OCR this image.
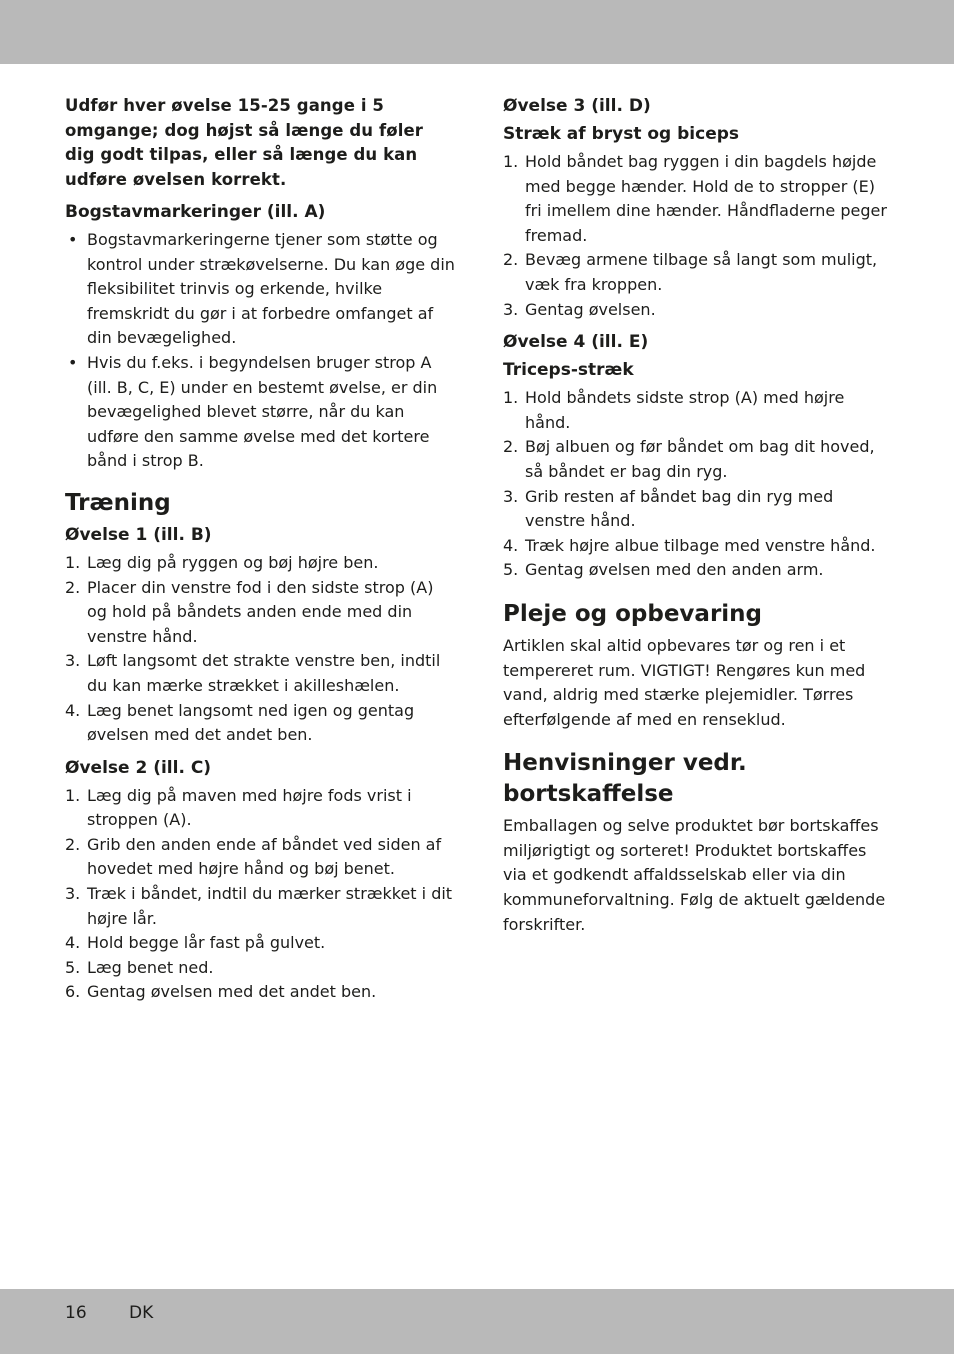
Udfør hver øvelse 15-25 gange i 5 omgange; dog højst så længe du føler dig godt tilpas, eller så længe du kan udføre øvelsen korrekt.

Bogstavmarkeringer (ill. A)
• Bogstavmarkeringerne tjener som støtte og kontrol under strækøvelserne. Du kan øge din fleksibilitet trinvis og erkende, hvilke fremskridt du gør i at forbedre omfanget af din bevægelighed.
• Hvis du f.eks. i begyndelsen bruger strop A (ill. B, C, E) under en bestemt øvelse, er din bevægelighed blevet større, når du kan udføre den samme øvelse med det kortere bånd i strop B.
Træning
Øvelse 1 (ill. B)
1. Læg dig på ryggen og bøj højre ben.
2. Placer din venstre fod i den sidste strop (A) og hold på båndets anden ende med din venstre hånd.
3. Løft langsomt det strakte venstre ben, indtil du kan mærke strækket i akilleshælen.
4. Læg benet langsomt ned igen og gentag øvelsen med det andet ben.
Øvelse 2 (ill. C)
1. Læg dig på maven med højre fods vrist i stroppen (A).
2. Grib den anden ende af båndet ved siden af hovedet med højre hånd og bøj benet.
3. Træk i båndet, indtil du mærker strækket i dit højre lår.
4. Hold begge lår fast på gulvet.
5. Læg benet ned.
6. Gentag øvelsen med det andet ben.
Øvelse 3 (ill. D)
Stræk af bryst og biceps
1. Hold båndet bag ryggen i din bagdels højde med begge hænder. Hold de to stropper (E) fri imellem dine hænder. Håndfladerne peger fremad.
2. Bevæg armene tilbage så langt som muligt, væk fra kroppen.
3. Gentag øvelsen.
Øvelse 4 (ill. E)
Triceps-stræk
1. Hold båndets sidste strop (A) med højre hånd.
2. Bøj albuen og før båndet om bag dit hoved, så båndet er bag din ryg.
3. Grib resten af båndet bag din ryg med venstre hånd.
4. Træk højre albue tilbage med venstre hånd.
5. Gentag øvelsen med den anden arm.
Pleje og opbevaring

Artiklen skal altid opbevares tør og ren i et tempereret rum. VIGTIGT! Rengøres kun med vand, aldrig med stærke plejemidler. Tørres efterfølgende af med en renseklud.

Henvisninger vedr.
bortskaffelse

Emballagen og selve produktet bør bortskaffes miljørigtigt og sorteret! Produktet bortskaffes via et godkendt affaldsselskab eller via din kommuneforvaltning. Følg de aktuelt gældende forskrifter.

16 DK
